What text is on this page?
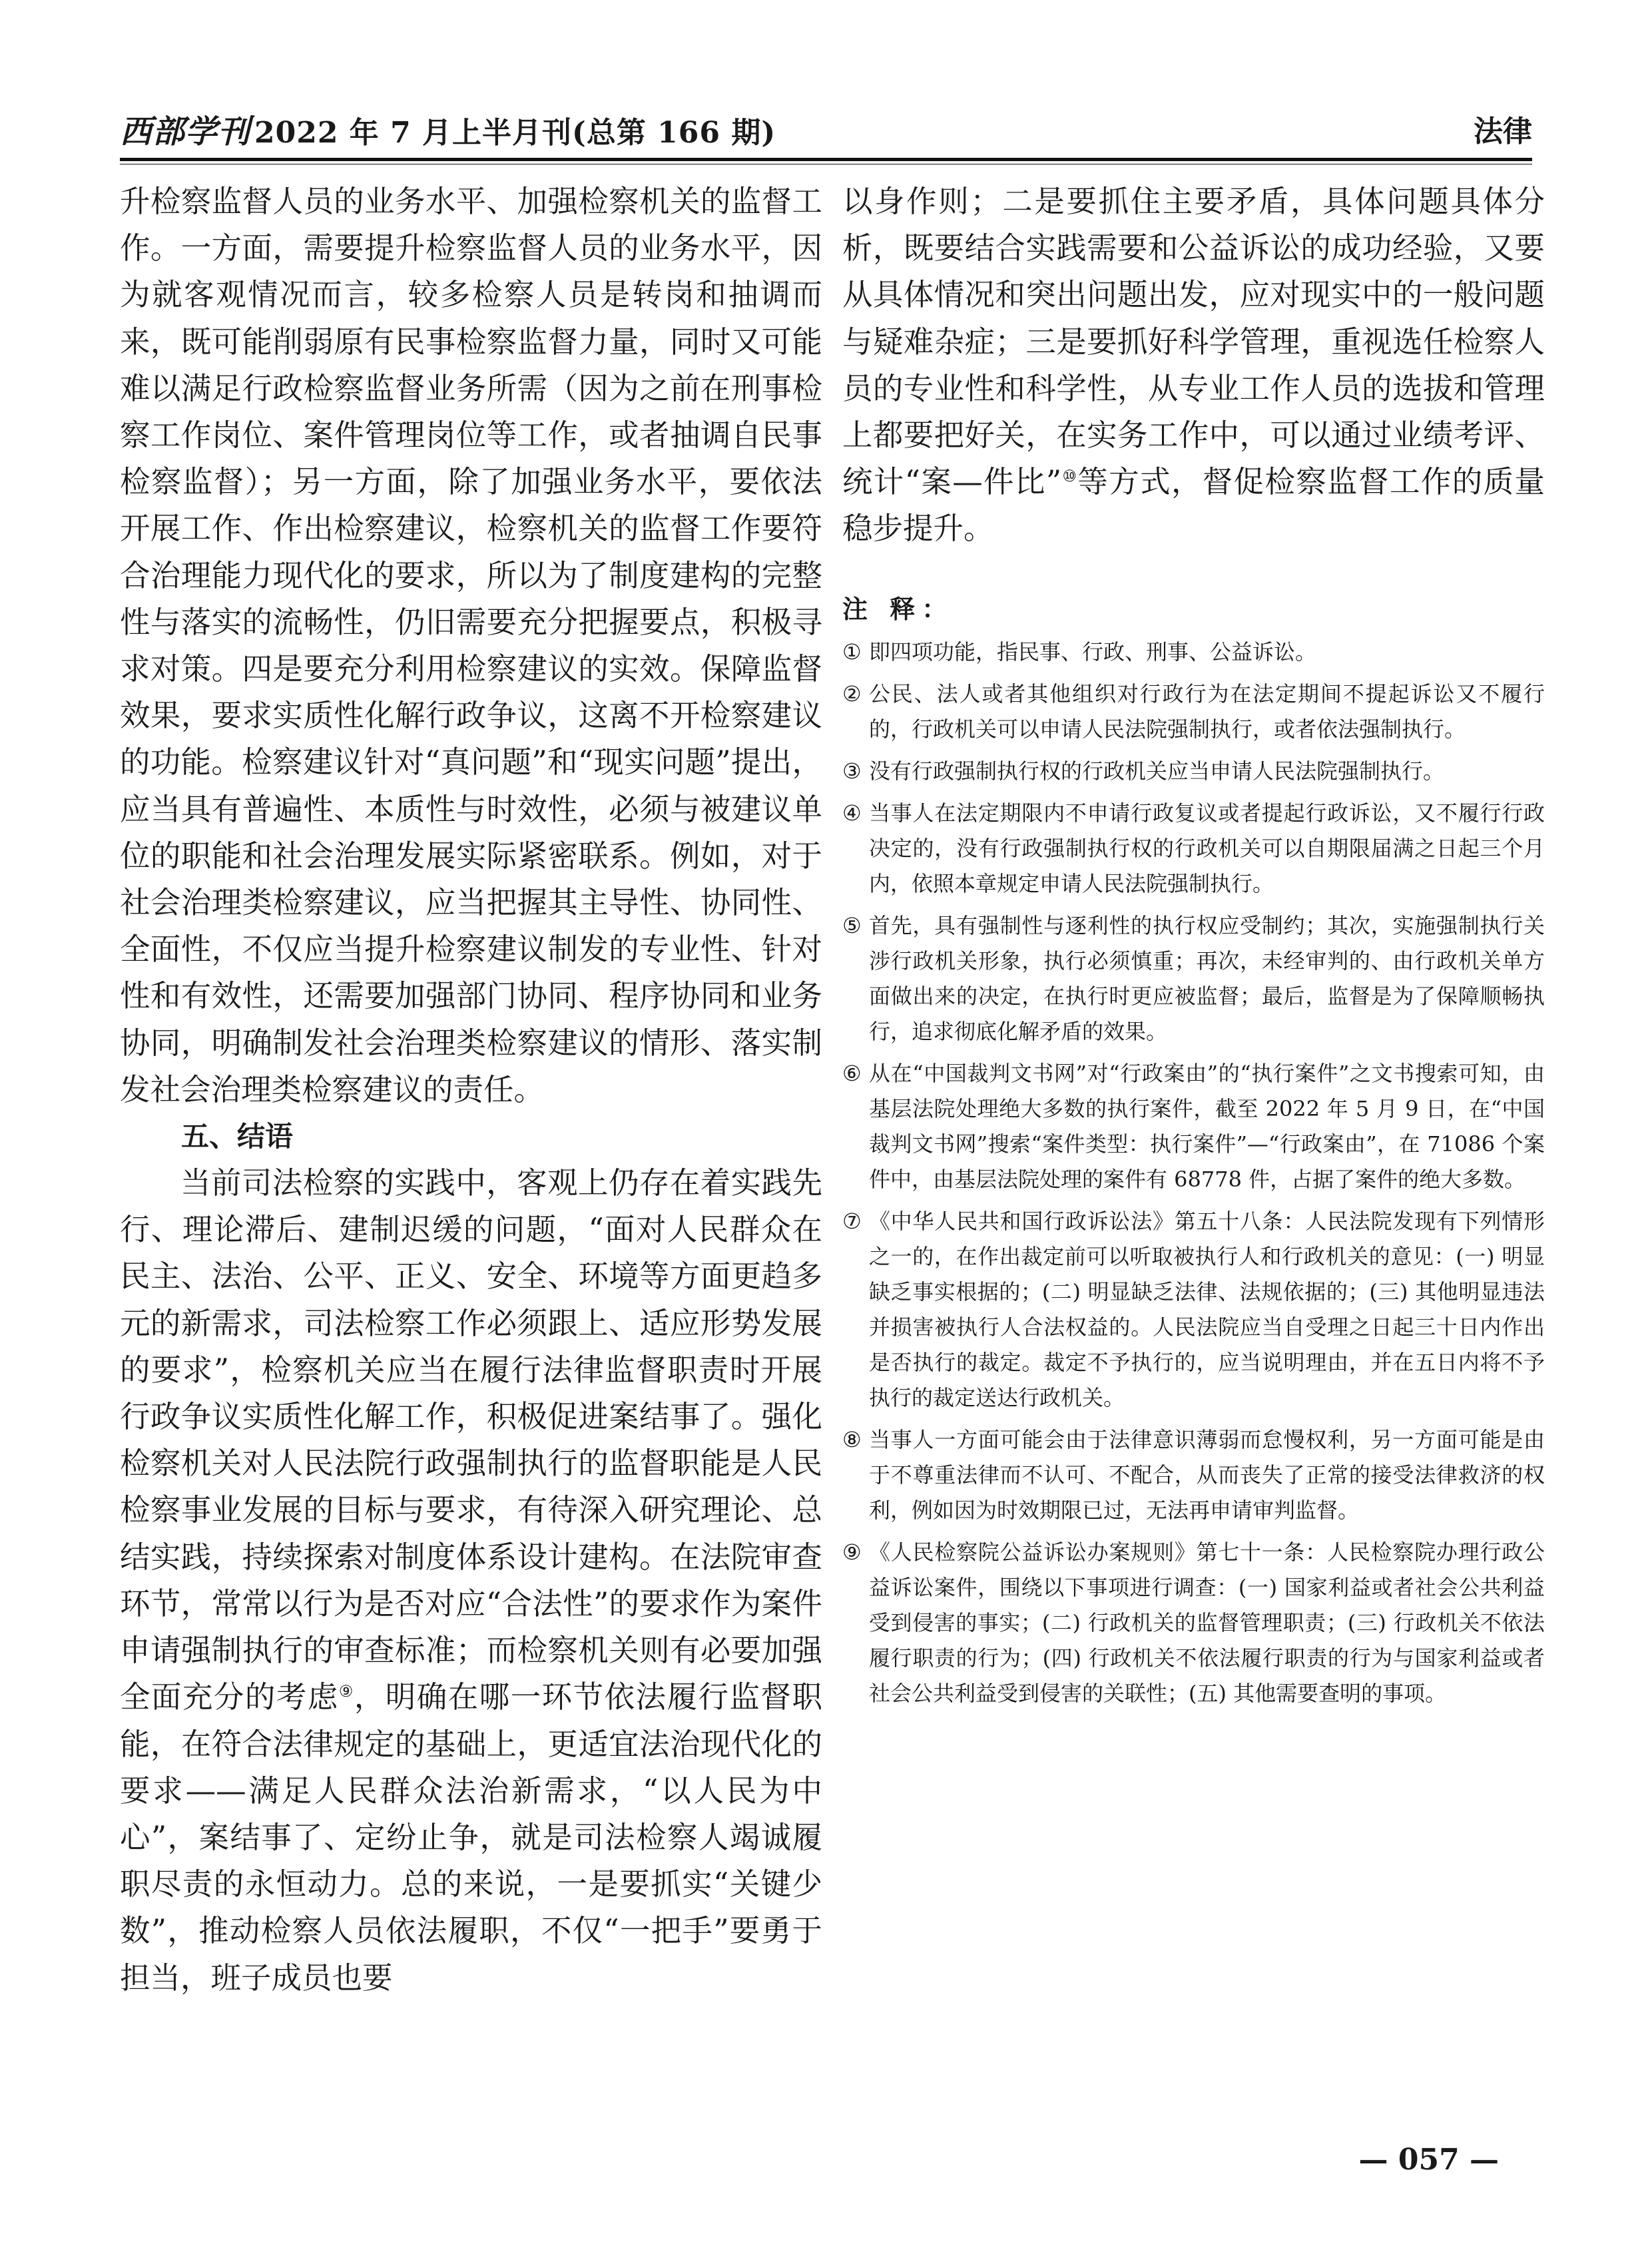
西部学刊 2022 年 7 月上半月刊(总第 166 期)	法律

升检察监督人员的业务水平、加强检察机关的监督工作。一方面，需要提升检察监督人员的业务水平，因为就客观情况而言，较多检察人员是转岗和抽调而来，既可能削弱原有民事检察监督力量，同时又可能难以满足行政检察监督业务所需（因为之前在刑事检察工作岗位、案件管理岗位等工作，或者抽调自民事检察监督）；另一方面，除了加强业务水平，要依法开展工作、作出检察建议，检察机关的监督工作要符合治理能力现代化的要求，所以为了制度建构的完整性与落实的流畅性，仍旧需要充分把握要点，积极寻求对策。四是要充分利用检察建议的实效。保障监督效果，要求实质性化解行政争议，这离不开检察建议的功能。检察建议针对“真问题”和“现实问题”提出，应当具有普遍性、本质性与时效性，必须与被建议单位的职能和社会治理发展实际紧密联系。例如，对于社会治理类检察建议，应当把握其主导性、协同性、全面性，不仅应当提升检察建议制发的专业性、针对性和有效性，还需要加强部门协同、程序协同和业务协同，明确制发社会治理类检察建议的情形、落实制发社会治理类检察建议的责任。

五、结语

当前司法检察的实践中，客观上仍存在着实践先行、理论滞后、建制迟缓的问题，“面对人民群众在民主、法治、公平、正义、安全、环境等方面更趋多元的新需求，司法检察工作必须跟上、适应形势发展的要求”，检察机关应当在履行法律监督职责时开展行政争议实质性化解工作，积极促进案结事了。强化检察机关对人民法院行政强制执行的监督职能是人民检察事业发展的目标与要求，有待深入研究理论、总结实践，持续探索对制度体系设计建构。在法院审查环节，常常以行为是否对应“合法性”的要求作为案件申请强制执行的审查标准；而检察机关则有必要加强全面充分的考虑⑨，明确在哪一环节依法履行监督职能，在符合法律规定的基础上，更适宜法治现代化的要求——满足人民群众法治新需求，“以人民为中心”，案结事了、定纷止争，就是司法检察人竭诚履职尽责的永恒动力。总的来说，一是要抓实“关键少数”，推动检察人员依法履职，不仅“一把手”要勇于担当，班子成员也要

以身作则；二是要抓住主要矛盾，具体问题具体分析，既要结合实践需要和公益诉讼的成功经验，又要从具体情况和突出问题出发，应对现实中的一般问题与疑难杂症；三是要抓好科学管理，重视选任检察人员的专业性和科学性，从专业工作人员的选拔和管理上都要把好关，在实务工作中，可以通过业绩考评、统计“案—件比”⑩等方式，督促检察监督工作的质量稳步提升。

注 释：
① 即四项功能，指民事、行政、刑事、公益诉讼。
② 公民、法人或者其他组织对行政行为在法定期间不提起诉讼又不履行的，行政机关可以申请人民法院强制执行，或者依法强制执行。
③ 没有行政强制执行权的行政机关应当申请人民法院强制执行。
④ 当事人在法定期限内不申请行政复议或者提起行政诉讼，又不履行行政决定的，没有行政强制执行权的行政机关可以自期限届满之日起三个月内，依照本章规定申请人民法院强制执行。
⑤ 首先，具有强制性与逐利性的执行权应受制约；其次，实施强制执行关涉行政机关形象，执行必须慎重；再次，未经审判的、由行政机关单方面做出来的决定，在执行时更应被监督；最后，监督是为了保障顺畅执行，追求彻底化解矛盾的效果。
⑥ 从在“中国裁判文书网”对“行政案由”的“执行案件”之文书搜索可知，由基层法院处理绝大多数的执行案件，截至 2022 年 5 月 9 日，在“中国裁判文书网”搜索“案件类型：执行案件”—“行政案由”，在 71086 个案件中，由基层法院处理的案件有 68778 件，占据了案件的绝大多数。
⑦ 《中华人民共和国行政诉讼法》第五十八条：人民法院发现有下列情形之一的，在作出裁定前可以听取被执行人和行政机关的意见：(一) 明显缺乏事实根据的；(二) 明显缺乏法律、法规依据的；(三) 其他明显违法并损害被执行人合法权益的。人民法院应当自受理之日起三十日内作出是否执行的裁定。裁定不予执行的，应当说明理由，并在五日内将不予执行的裁定送达行政机关。
⑧ 当事人一方面可能会由于法律意识薄弱而怠慢权利，另一方面可能是由于不尊重法律而不认可、不配合，从而丧失了正常的接受法律救济的权利，例如因为时效期限已过，无法再申请审判监督。
⑨ 《人民检察院公益诉讼办案规则》第七十一条：人民检察院办理行政公益诉讼案件，围绕以下事项进行调查：(一) 国家利益或者社会公共利益受到侵害的事实；(二) 行政机关的监督管理职责；(三) 行政机关不依法履行职责的行为；(四) 行政机关不依法履行职责的行为与国家利益或者社会公共利益受到侵害的关联性；(五) 其他需要查明的事项。
— 057 —
